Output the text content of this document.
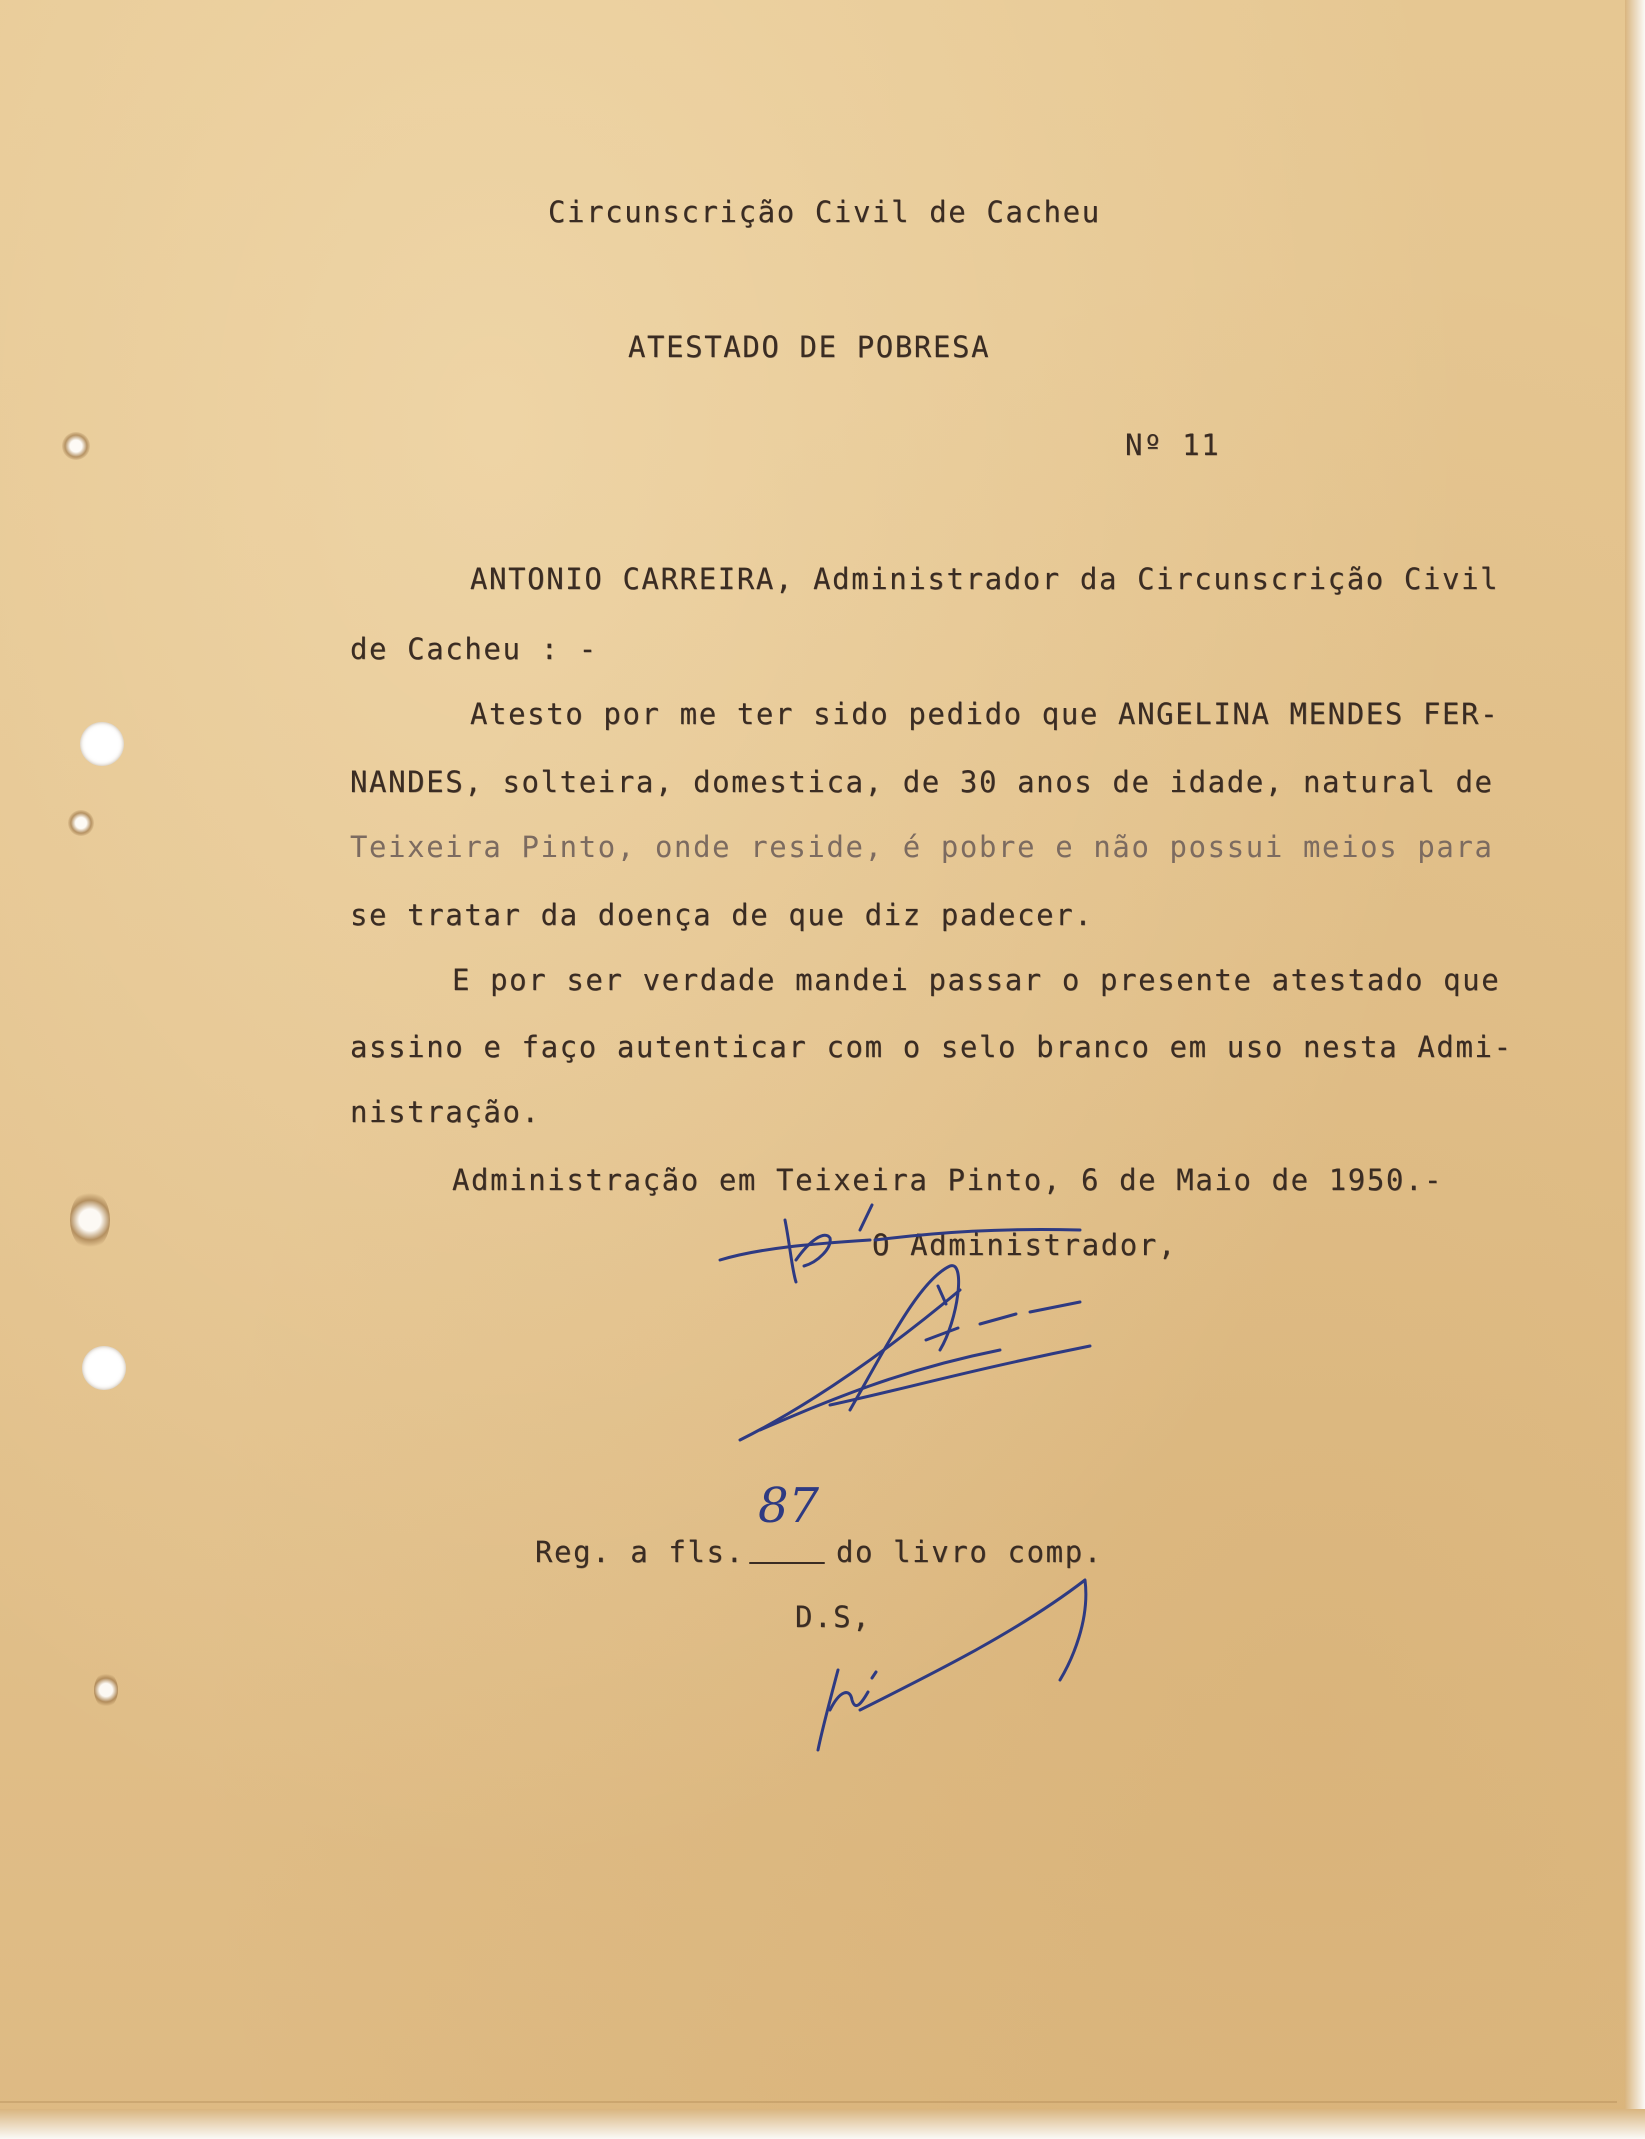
Circunscrição Civil de Cacheu
ATESTADO DE POBRESA
Nº 11
ANTONIO CARREIRA, Administrador da Circunscrição Civil
de Cacheu : -
Atesto por me ter sido pedido que ANGELINA MENDES FER-
NANDES, solteira, domestica, de 30 anos de idade, natural de
Teixeira Pinto, onde reside, é pobre e não possui meios para
se tratar da doença de que diz padecer.
E por ser verdade mandei passar o presente atestado que
assino e faço autenticar com o selo branco em uso nesta Admi-
nistração.
Administração em Teixeira Pinto, 6 de Maio de 1950.-
O Administrador,
Reg. a fls.
87
do livro comp.
D.S,
